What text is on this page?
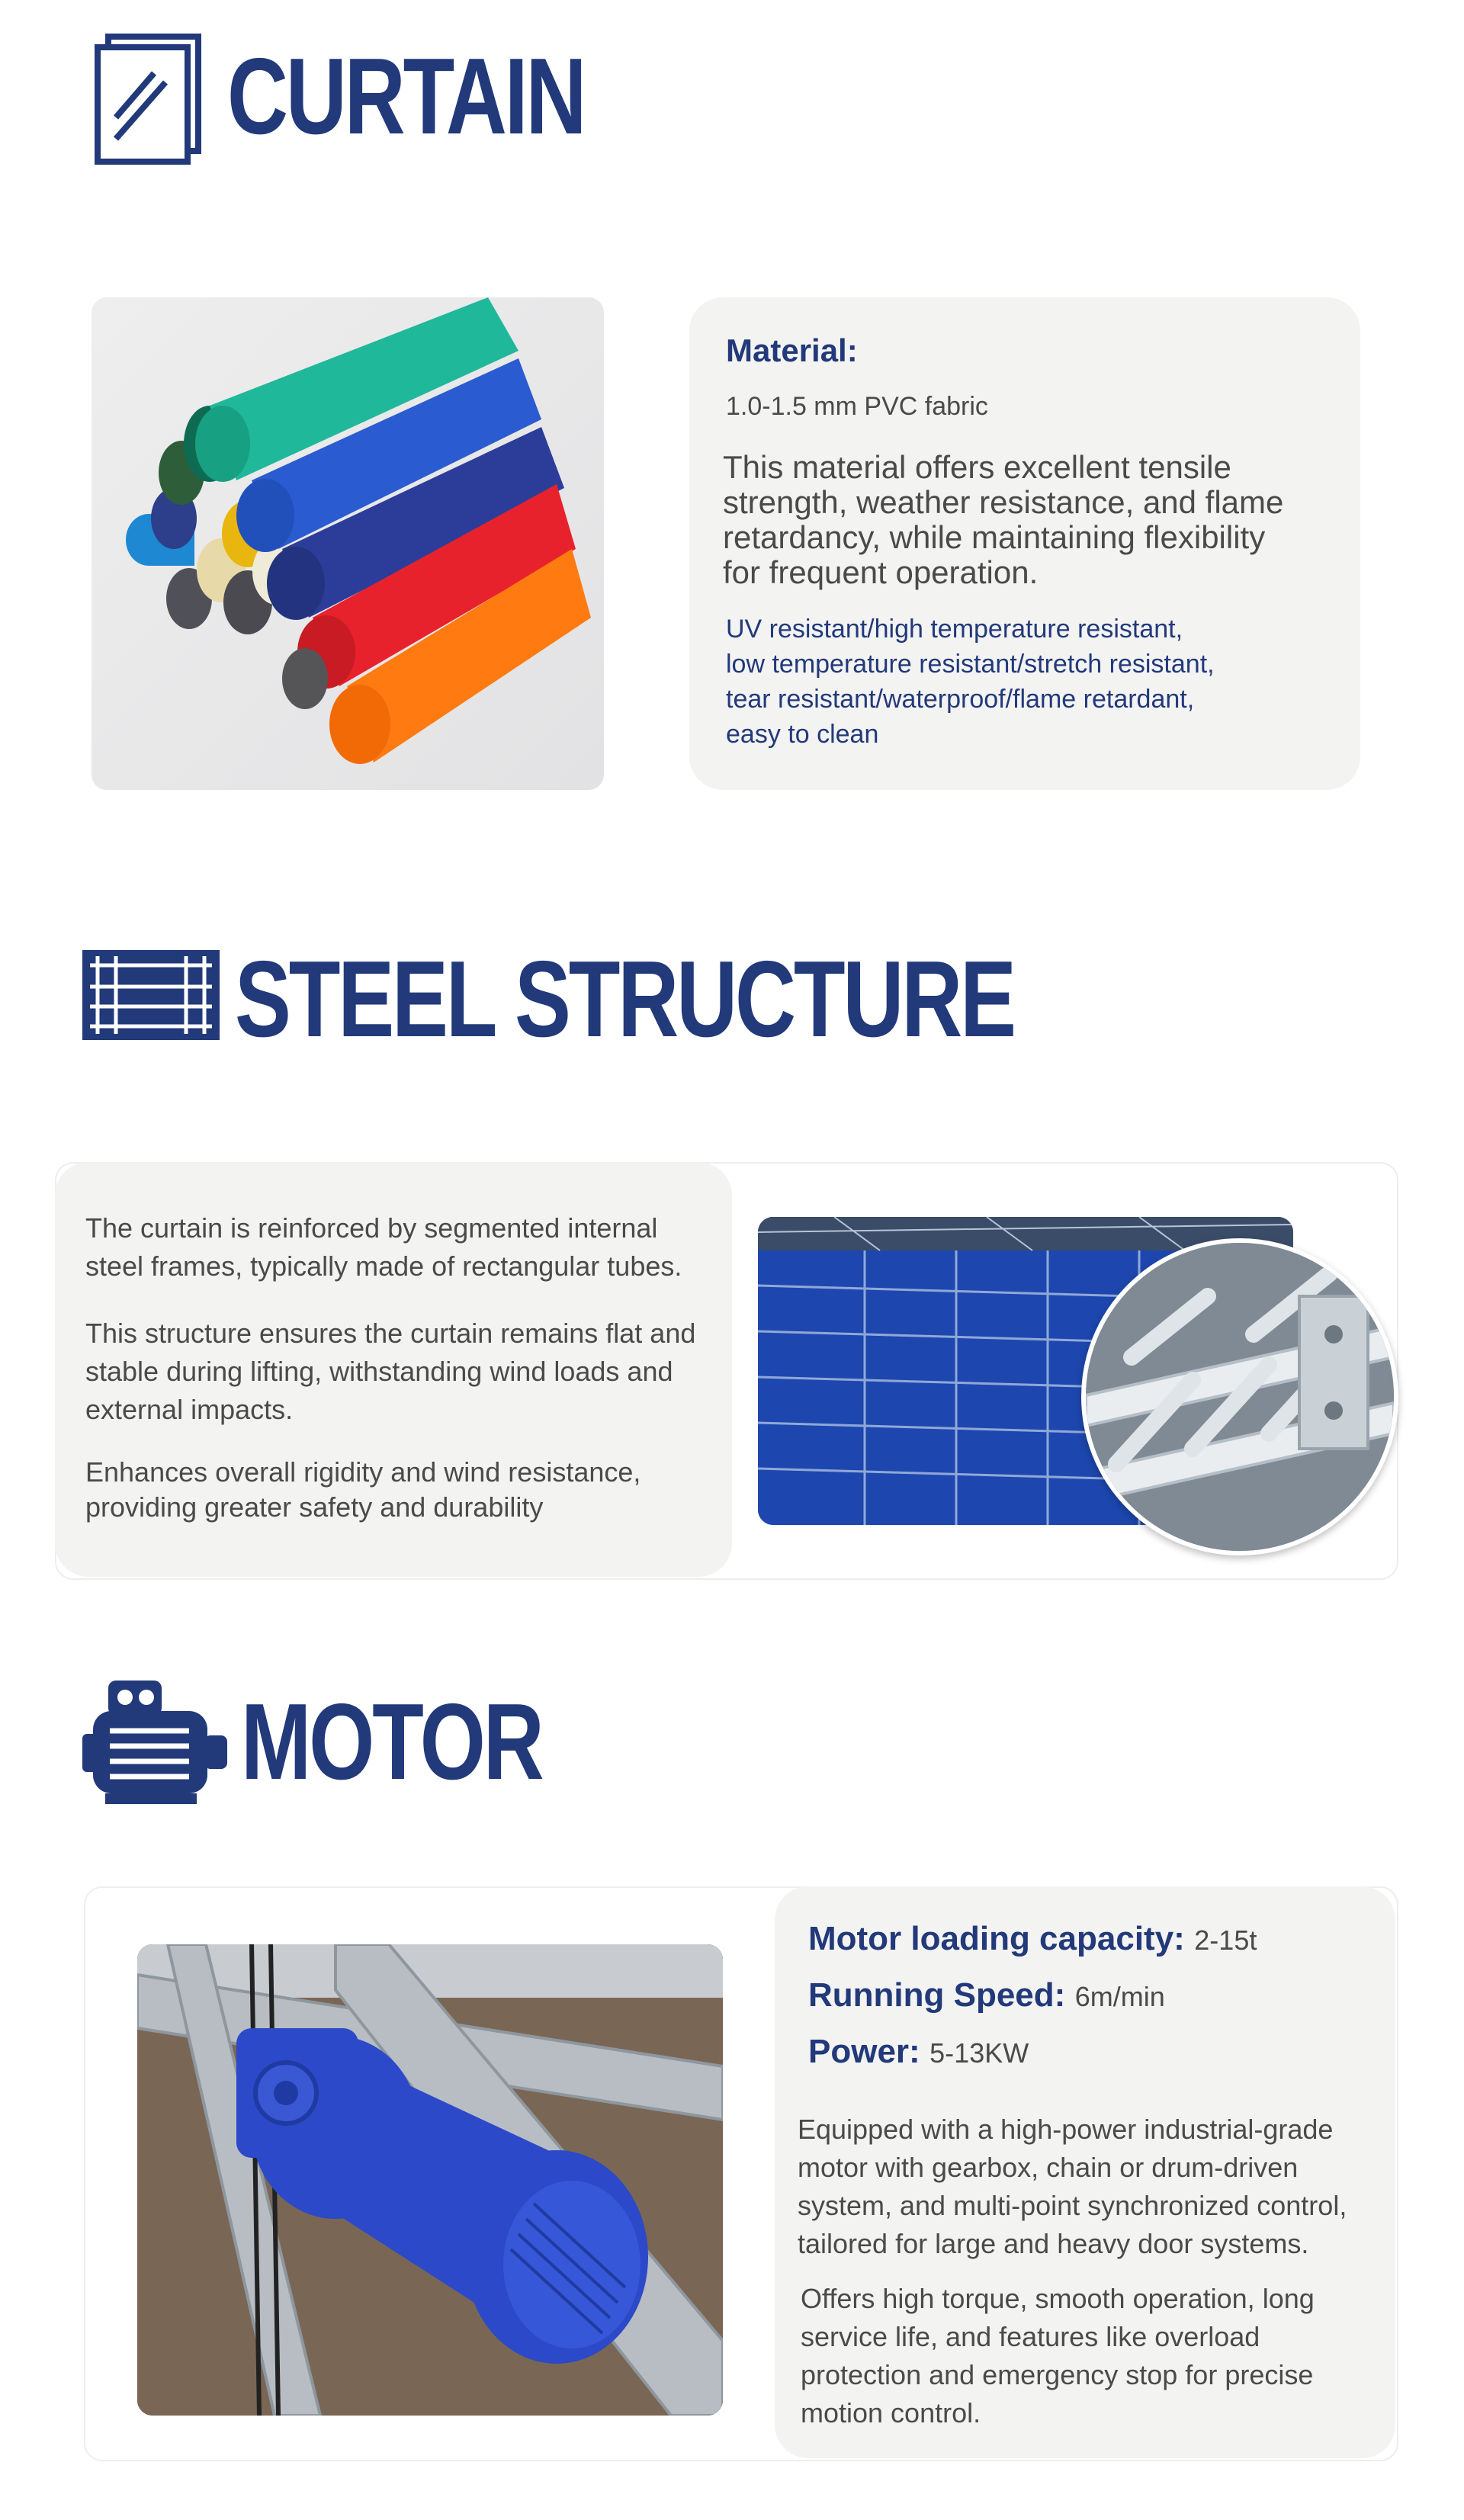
CURTAIN
Material:
1.0-1.5 mm PVC fabric
This material offers excellent tensile strength, weather resistance, and flame retardancy, while maintaining flexibility for frequent operation.
UV resistant/high temperature resistant,
low temperature resistant/stretch resistant,
tear resistant/waterproof/flame retardant,
easy to clean
STEEL STRUCTURE
The curtain is reinforced by segmented internal steel frames, typically made of rectangular tubes.
This structure ensures the curtain remains flat and stable during lifting, withstanding wind loads and external impacts.
Enhances overall rigidity and wind resistance, providing greater safety and durability
MOTOR
Motor loading capacity: 2-15t
Running Speed: 6m/min
Power: 5-13KW
Equipped with a high-power industrial-grade motor with gearbox, chain or drum-driven system, and multi-point synchronized control, tailored for large and heavy door systems.
Offers high torque, smooth operation, long service life, and features like overload protection and emergency stop for precise motion control.
